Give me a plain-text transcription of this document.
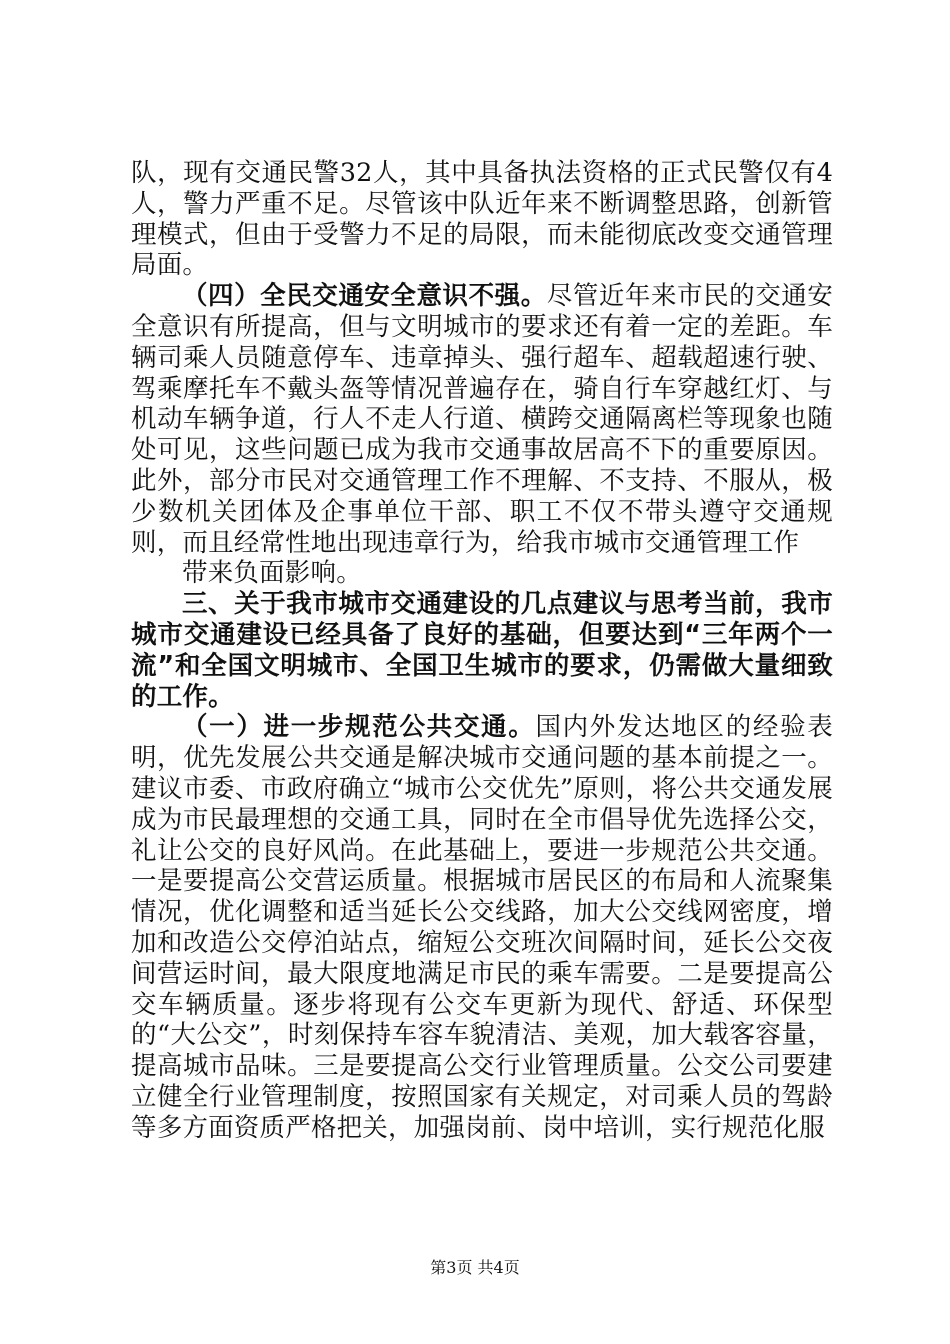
队，现有交通民警32人，其中具备执法资格的正式民警仅有4人，警力严重不足。尽管该中队近年来不断调整思路，创新管理模式，但由于受警力不足的局限，而未能彻底改变交通管理局面。

（四）全民交通安全意识不强。尽管近年来市民的交通安全意识有所提高，但与文明城市的要求还有着一定的差距。车辆司乘人员随意停车、违章掉头、强行超车、超载超速行驶、驾乘摩托车不戴头盔等情况普遍存在，骑自行车穿越红灯、与机动车辆争道，行人不走人行道、横跨交通隔离栏等现象也随处可见，这些问题已成为我市交通事故居高不下的重要原因。此外，部分市民对交通管理工作不理解、不支持、不服从，极少数机关团体及企事单位干部、职工不仅不带头遵守交通规则，而且经常性地出现违章行为，给我市城市交通管理工作

带来负面影响。

三、关于我市城市交通建设的几点建议与思考当前，我市城市交通建设已经具备了良好的基础，但要达到“三年两个一流”和全国文明城市、全国卫生城市的要求，仍需做大量细致的工作。

（一）进一步规范公共交通。国内外发达地区的经验表明，优先发展公共交通是解决城市交通问题的基本前提之一。建议市委、市政府确立“城市公交优先”原则，将公共交通发展成为市民最理想的交通工具，同时在全市倡导优先选择公交，礼让公交的良好风尚。在此基础上，要进一步规范公共交通。一是要提高公交营运质量。根据城市居民区的布局和人流聚集情况，优化调整和适当延长公交线路，加大公交线网密度，增加和改造公交停泊站点，缩短公交班次间隔时间，延长公交夜间营运时间，最大限度地满足市民的乘车需要。二是要提高公交车辆质量。逐步将现有公交车更新为现代、舒适、环保型的“大公交”，时刻保持车容车貌清洁、美观，加大载客容量，提高城市品味。三是要提高公交行业管理质量。公交公司要建立健全行业管理制度，按照国家有关规定，对司乘人员的驾龄等多方面资质严格把关，加强岗前、岗中培训，实行规范化服

第3页 共4页
